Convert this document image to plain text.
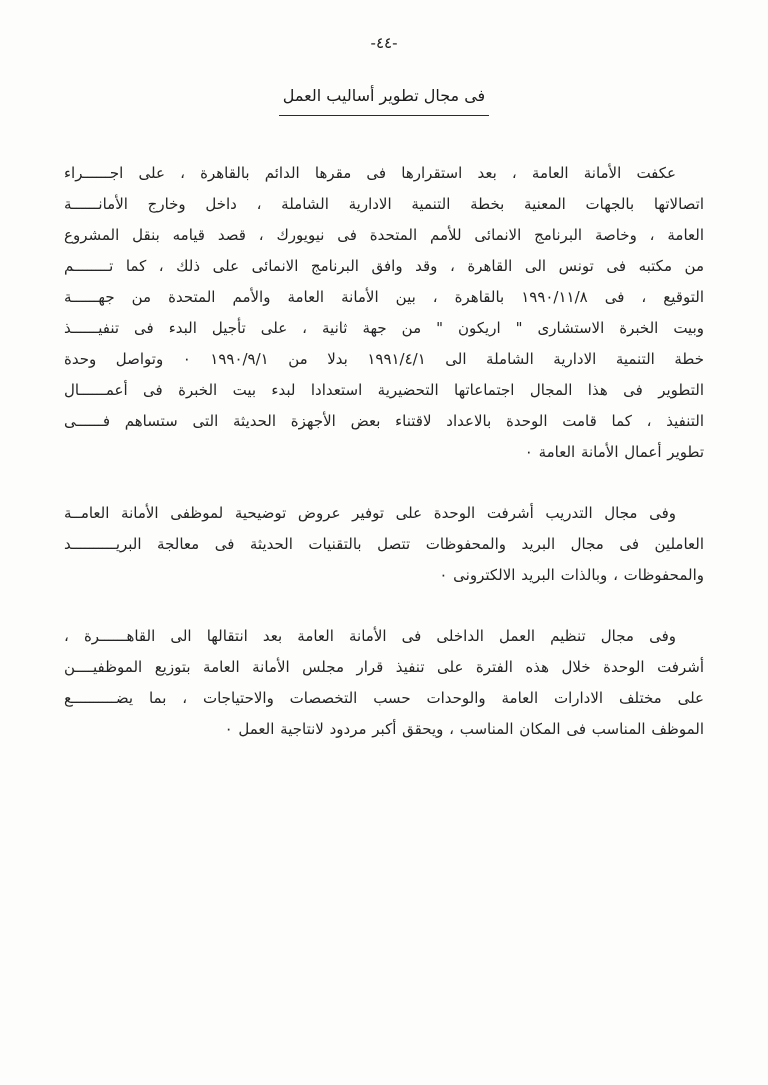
-٤٤-
فى مجال تطوير أساليب العمل
عكفت الأمانة العامة ، بعد استقرارها فى مقرها الدائم بالقاهرة ، على اجــــــراء
اتصالاتها بالجهات المعنية بخطة التنمية الادارية الشاملة ، داخل وخارج الأمانــــــة
العامة ، وخاصة البرنامج الانمائى للأمم المتحدة فى نيويورك ، قصد قيامه بنقل المشروع
من مكتبه فى تونس الى القاهرة ، وقد وافق البرنامج الانمائى على ذلك ، كما تــــــــم
التوقيع ، فى ١٩٩٠/١١/٨ بالقاهرة ، بين الأمانة العامة والأمم المتحدة من جهــــــة
وبيت الخبرة الاستشارى " اريكون " من جهة ثانية ، على تأجيل البدء فى تنفيــــــذ
خطة التنمية الادارية الشاملة الى ١٩٩١/٤/١ بدلا من ١٩٩٠/٩/١ ٠ وتواصل وحدة
التطوير فى هذا المجال اجتماعاتها التحضيرية استعدادا لبدء بيت الخبرة فى أعمــــــال
التنفيذ ، كما قامت الوحدة بالاعداد لاقتناء بعض الأجهزة الحديثة التى ستساهم فــــــى
تطوير أعمال الأمانة العامة ٠
وفى مجال التدريب أشرفت الوحدة على توفير عروض توضيحية لموظفى الأمانة العامــة
العاملين فى مجال البريد والمحفوظات تتصل بالتقنيات الحديثة فى معالجة البريــــــــــد
والمحفوظات ، وبالذات البريد الالكترونى ٠
وفى مجال تنظيم العمل الداخلى فى الأمانة العامة بعد انتقالها الى القاهــــــرة ،
أشرفت الوحدة خلال هذه الفترة على تنفيذ قرار مجلس الأمانة العامة بتوزيع الموظفيــــن
على مختلف الادارات العامة والوحدات حسب التخصصات والاحتياجات ، بما يضــــــــــع
الموظف المناسب فى المكان المناسب ، ويحقق أكبر مردود لانتاجية العمل ٠
